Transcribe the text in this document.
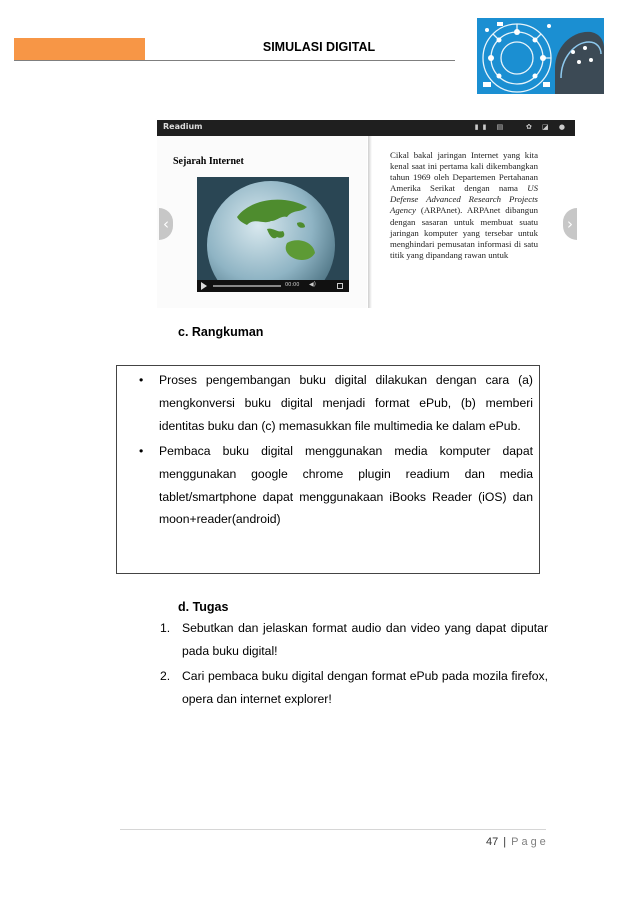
SIMULASI DIGITAL
Readium	▮▮ ▤   ✿ ◪ ●
Sejarah Internet
00:00 ◀)
Cikal bakal jaringan Internet yang kita kenal saat ini pertama kali dikembangkan tahun 1969 oleh Departemen Pertahanan Amerika Serikat dengan nama US Defense Advanced Research Projects Agency (ARPAnet). ARPAnet dibangun dengan sasaran untuk membuat suatu jaringan komputer yang tersebar untuk menghindari pemusatan informasi di satu titik yang dipandang rawan untuk
‹	›
c. Rangkuman
• Proses pengembangan buku digital dilakukan dengan cara (a) mengkonversi buku digital menjadi format ePub, (b) memberi identitas buku dan (c) memasukkan file multimedia ke dalam ePub.
• Pembaca buku digital menggunakan media komputer dapat menggunakan google chrome plugin readium dan media tablet/smartphone dapat menggunakaan iBooks Reader (iOS) dan moon+reader(android)
d. Tugas
1. Sebutkan dan jelaskan format audio dan video yang dapat diputar pada buku digital!
2. Cari pembaca buku digital dengan format ePub pada mozila firefox, opera dan internet explorer!
47 | Page
